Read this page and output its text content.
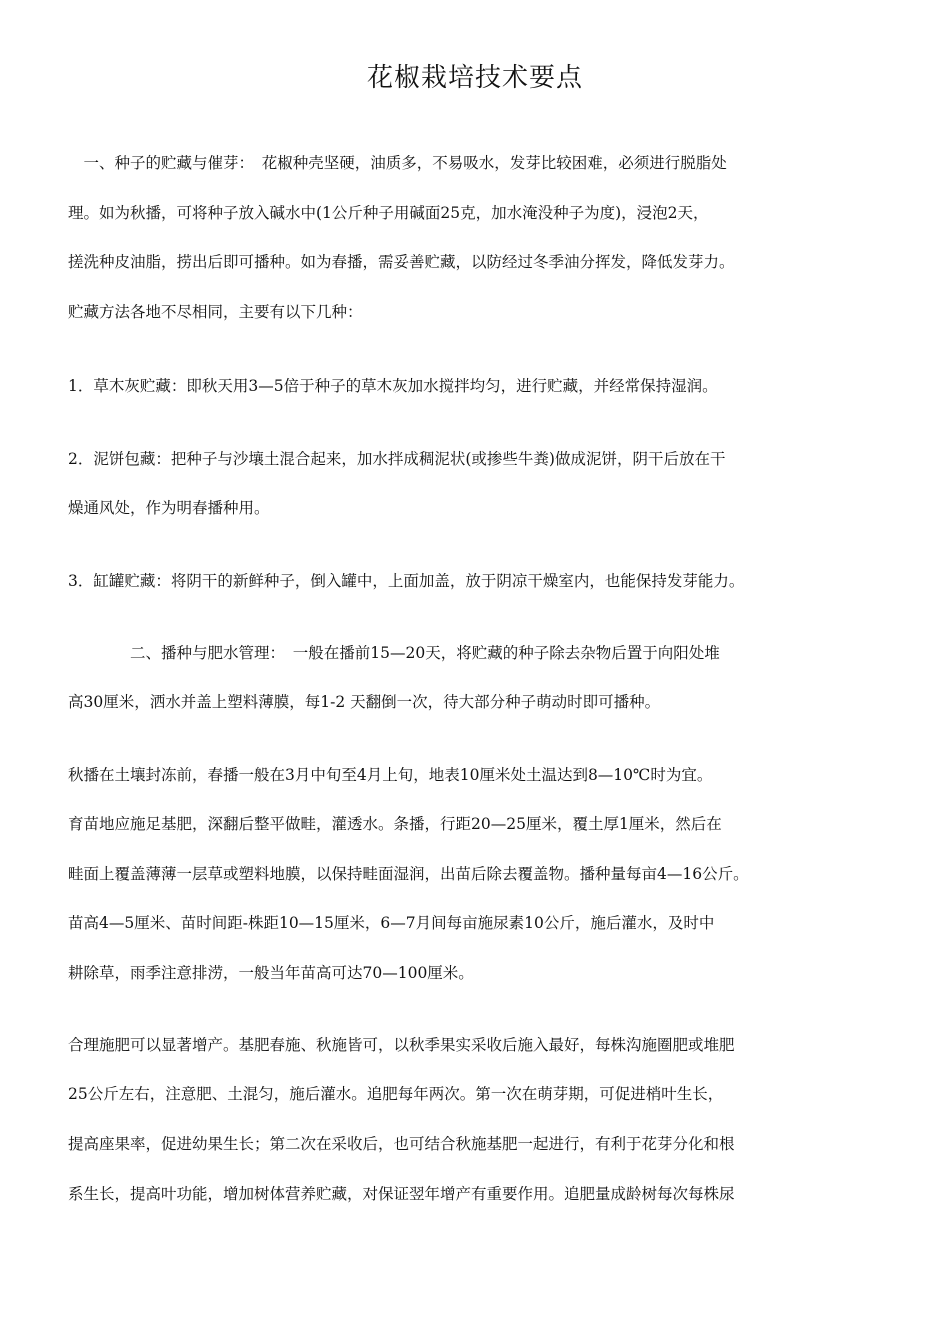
花椒栽培技术要点

　一、种子的贮藏与催芽：　花椒种壳坚硬，油质多，不易吸水，发芽比较困难，必须进行脱脂处

理。如为秋播，可将种子放入碱水中(1公斤种子用碱面25克，加水淹没种子为度)，浸泡2天，

搓洗种皮油脂，捞出后即可播种。如为春播，需妥善贮藏，以防经过冬季油分挥发，降低发芽力。

贮藏方法各地不尽相同，主要有以下几种：

1．草木灰贮藏：即秋天用3—5倍于种子的草木灰加水搅拌均匀，进行贮藏，并经常保持湿润。

2．泥饼包藏：把种子与沙壤土混合起来，加水拌成稠泥状(或掺些牛粪)做成泥饼，阴干后放在干

燥通风处，作为明春播种用。

3．缸罐贮藏：将阴干的新鲜种子，倒入罐中，上面加盖，放于阴凉干燥室内，也能保持发芽能力。

　　　　二、播种与肥水管理：　一般在播前15—20天，将贮藏的种子除去杂物后置于向阳处堆

高30厘米，洒水并盖上塑料薄膜，每1-2 天翻倒一次，待大部分种子萌动时即可播种。

秋播在土壤封冻前，春播一般在3月中旬至4月上旬，地表10厘米处土温达到8—10℃时为宜。

育苗地应施足基肥，深翻后整平做畦，灌透水。条播，行距20—25厘米，覆土厚1厘米，然后在

畦面上覆盖薄薄一层草或塑料地膜，以保持畦面湿润，出苗后除去覆盖物。播种量每亩4—16公斤。

苗高4—5厘米、苗时间距-株距10—15厘米，6—7月间每亩施尿素10公斤，施后灌水，及时中

耕除草，雨季注意排涝，一般当年苗高可达70—100厘米。

合理施肥可以显著增产。基肥春施、秋施皆可，以秋季果实采收后施入最好，每株沟施圈肥或堆肥

25公斤左右，注意肥、土混匀，施后灌水。追肥每年两次。第一次在萌芽期，可促进梢叶生长，

提高座果率，促进幼果生长；第二次在采收后，也可结合秋施基肥一起进行，有利于花芽分化和根

系生长，提高叶功能，增加树体营养贮藏，对保证翌年增产有重要作用。追肥量成龄树每次每株尿
